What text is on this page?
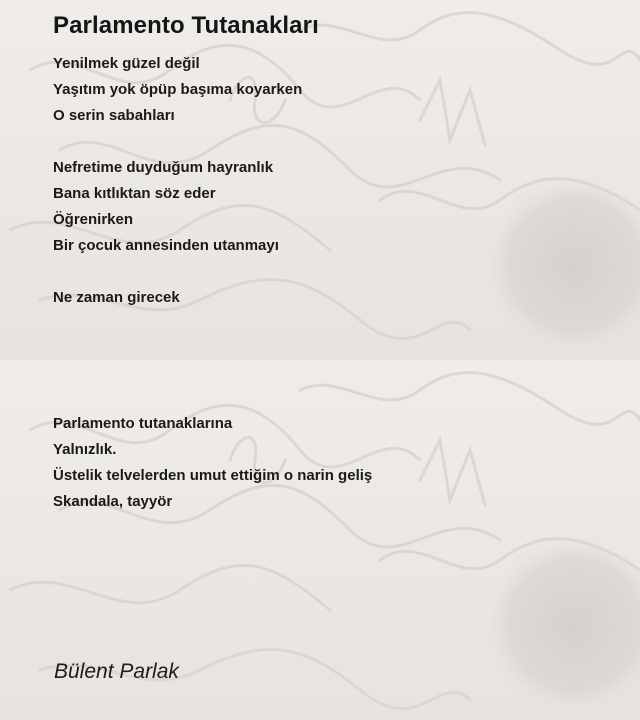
Parlamento Tutanakları
Yenilmek güzel değil
Yaşıtım yok öpüp başıma koyarken
O serin sabahları
Nefretime duyduğum hayranlık
Bana kıtlıktan söz eder
Öğrenirken
Bir çocuk annesinden utanmayı
Ne zaman girecek
Parlamento tutanaklarına
Yalnızlık.
Üstelik telvelerden umut ettiğim o narin geliş
Skandala, tayyör

Bülent Parlak
